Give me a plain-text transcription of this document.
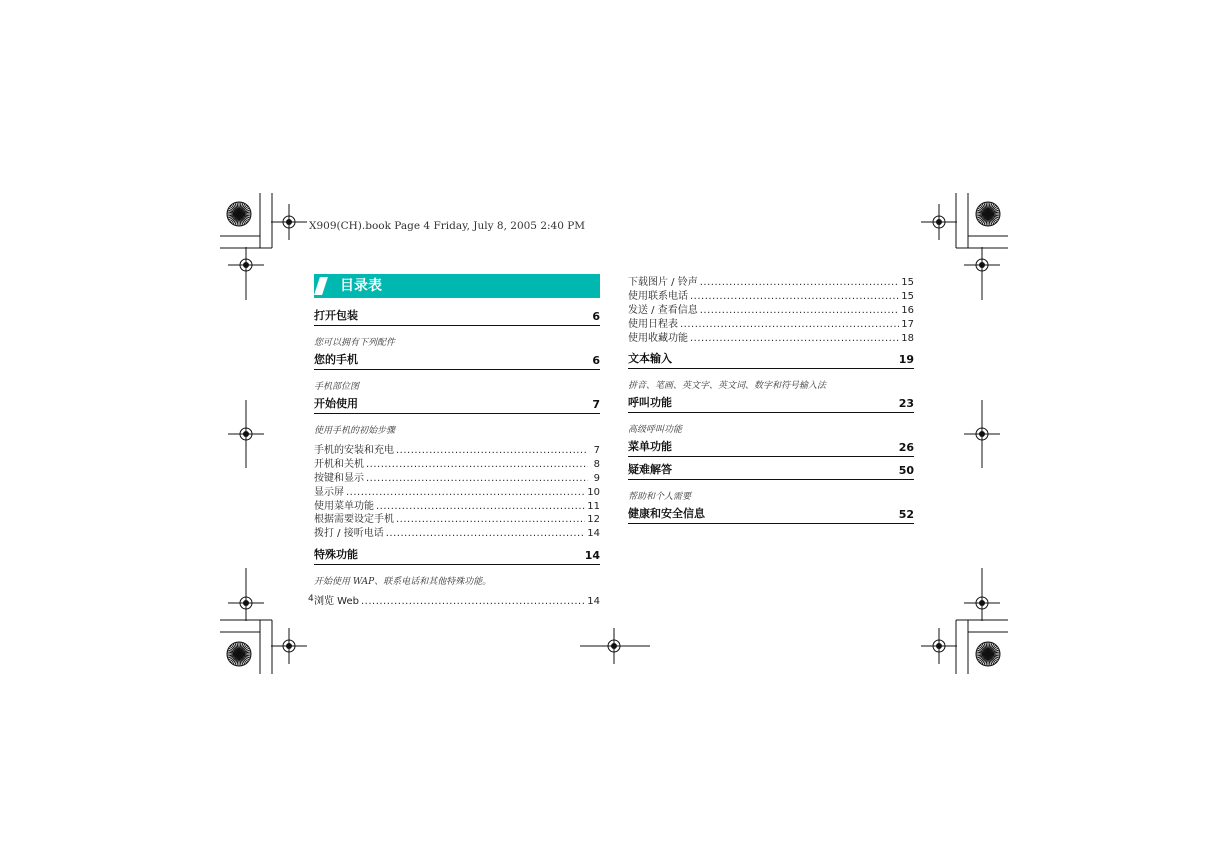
X909(CH).book Page 4 Friday, July 8, 2005 2:40 PM
目录表
打开包装	6
您可以拥有下列配件
您的手机	6
手机部位图
开始使用	7
使用手机的初始步骤
手机的安装和充电 .....	7
开机和关机 .....	8
按键和显示 .....	9
显示屏 .....	10
使用菜单功能 .....	11
根据需要设定手机 .....	12
拨打 / 接听电话 .....	14
特殊功能	14
开始使用 WAP、联系电话和其他特殊功能。
浏览 Web .....	14
下载图片 / 铃声 .....	15
使用联系电话 .....	15
发送 / 查看信息 .....	16
使用日程表 .....	17
使用收藏功能 .....	18
文本输入	19
拼音、笔画、英文字、英文词、数字和符号输入法
呼叫功能	23
高级呼叫功能
菜单功能	26
疑难解答	50
帮助和个人需要
健康和安全信息	52
4
